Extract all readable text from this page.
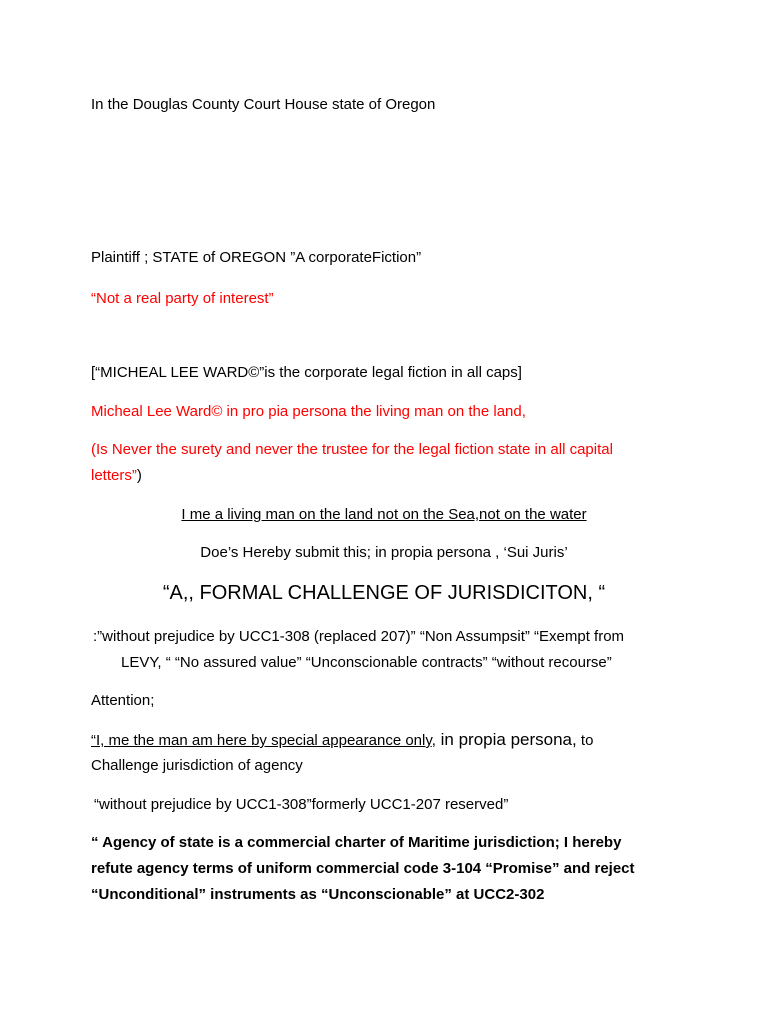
In the Douglas County Court House state of Oregon
Plaintiff ; STATE of OREGON ”A corporateFiction”
“Not a real party of interest”
[“MICHEAL LEE WARD©”is the corporate legal fiction in all caps]
Micheal Lee Ward© in pro pia persona the living man on the land,
(Is Never the surety and never the trustee for the legal fiction state in all capital
letters”)
I me a living man on the land not on the Sea,not on the water
Doe’s Hereby submit this; in propia persona , ‘Sui Juris’
“A,, FORMAL CHALLENGE OF JURISDICITON, “
:”without prejudice by UCC1-308 (replaced 207)” “Non Assumpsit” “Exempt from
LEVY, “ “No assured value” “Unconscionable contracts” “without recourse”
Attention;
“I, me the man am here by special appearance only, in propia persona, to
Challenge jurisdiction of agency
“without prejudice by UCC1-308”formerly UCC1-207 reserved”
“ Agency of state is a commercial charter of Maritime jurisdiction; I hereby
refute agency terms of uniform commercial code 3-104 “Promise” and reject
“Unconditional” instruments as “Unconscionable” at UCC2-302
